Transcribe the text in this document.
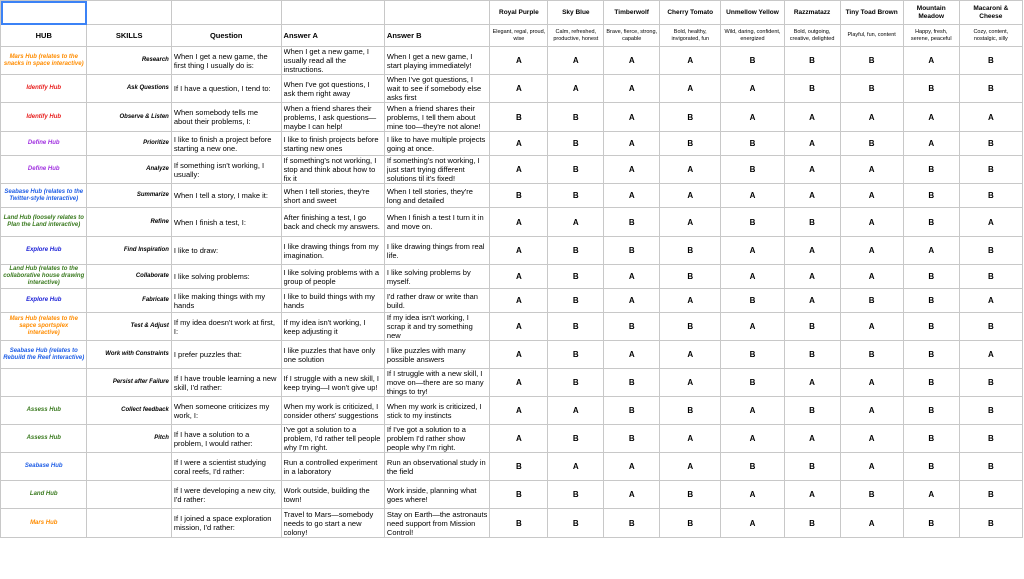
					Royal Purple	Sky Blue	Timberwolf	Cherry Tomato	Unmellow Yellow	Razzmatazz	Tiny Toad Brown	Mountain Meadow	Macaroni & Cheese
HUB	SKILLS	Question	Answer A	Answer B	Elegant, regal, proud, wise	Calm, refreshed, productive, honest	Brave, fierce, strong, capable	Bold, healthy, invigorated, fun	Wild, daring, confident, energized	Bold, outgoing, creative, delighted	Playful, fun, content	Happy, fresh, serene, peaceful	Cozy, content, nostalgic, silly
Mars Hub (relates to the snacks in space interactive)	Research	When I get a new game, the first thing I usually do is:	When I get a new game, I usually read all the instructions.	When I get a new game, I start playing immediately!	A	A	A	A	B	B	B	A	B
Identify Hub	Ask Questions	If I have a question, I tend to:	When I've got questions, I ask them right away	When I've got questions, I wait to see if somebody else asks first	A	A	A	A	A	B	B	B	B
Identify Hub	Observe & Listen	When somebody tells me about their problems, I:	When a friend shares their problems, I ask questions—maybe I can help!	When a friend shares their problems, I tell them about mine too—they're not alone!	B	B	A	B	A	A	A	A	A
Define Hub	Prioritize	I like to finish a project before starting a new one.	I like to finish projects before starting new ones	I like to have multiple projects going at once.	A	B	A	B	B	A	B	A	B
Define Hub	Analyze	If something isn't working, I usually:	If something's not working, I stop and think about how to fix it	If something's not working, I just start trying different solutions til it's fixed!	A	B	A	A	B	A	A	B	B
Seabase Hub (relates to the Twitter-style interactive)	Summarize	When I tell a story, I make it:	When I tell stories, they're short and sweet	When I tell stories, they're long and detailed	B	B	A	A	A	A	A	B	B
Land Hub (loosely relates to Plan the Land interactive)	Refine	When I finish a test, I:	After finishing a test, I go back and check my answers.	When I finish a test I turn it in and move on.	A	A	B	A	B	B	A	B	A
Explore Hub	Find Inspiration	I like to draw:	I like drawing things from my imagination.	I like drawing things from real life.	A	B	B	B	A	A	A	A	B
Land Hub (relates to the collaborative house drawing interactive)	Collaborate	I like solving problems:	I like solving problems with a group of people	I like solving problems by myself.	A	B	A	B	A	A	A	B	B
Explore Hub	Fabricate	I like making things with my hands	I like to build things with my hands	I'd rather draw or write than build.	A	B	A	A	B	A	B	B	A
Mars Hub (relates to the sapce sportsplex interactive)	Test & Adjust	If my idea doesn't work at first, I:	If my idea isn't working, I keep adjusting it	If my idea isn't working, I scrap it and try something new	A	B	B	B	A	B	A	B	B
Seabase Hub (relates to Rebuild the Reef interactive)	Work with Constraints	I prefer puzzles that:	I like puzzles that have only one solution	I like puzzles with many possible answers	A	B	A	A	B	B	B	B	A
	Persist after Failure	If I have trouble learning a new skill, I'd rather:	If I struggle with a new skill, I keep trying—I won't give up!	If I struggle with a new skill, I move on—there are so many things to try!	A	B	B	A	B	A	A	B	B
Assess Hub	Collect feedback	When someone criticizes my work, I:	When my work is criticized, I consider others' suggestions	When my work is criticized, I stick to my instincts	A	A	B	B	A	B	A	B	B
Assess Hub	Pitch	If I have a solution to a problem, I would rather:	I've got a solution to a problem, I'd rather tell people why I'm right.	If I've got a solution to a problem I'd rather show people why I'm right.	A	B	B	A	A	A	A	B	B
Seabase Hub		If I were a scientist studying coral reefs, I'd rather:	Run a controlled experiment in a laboratory	Run an observational study in the field	B	A	A	A	B	B	A	B	B
Land Hub		If I were developing a new city, I'd rather:	Work outside, building the town!	Work inside, planning what goes where!	B	B	A	B	A	A	B	A	B
Mars Hub		If I joined a space exploration mission, I'd rather:	Travel to Mars—somebody needs to go start a new colony!	Stay on Earth—the astronauts need support from Mission Control!	B	B	B	B	A	B	A	B	B
